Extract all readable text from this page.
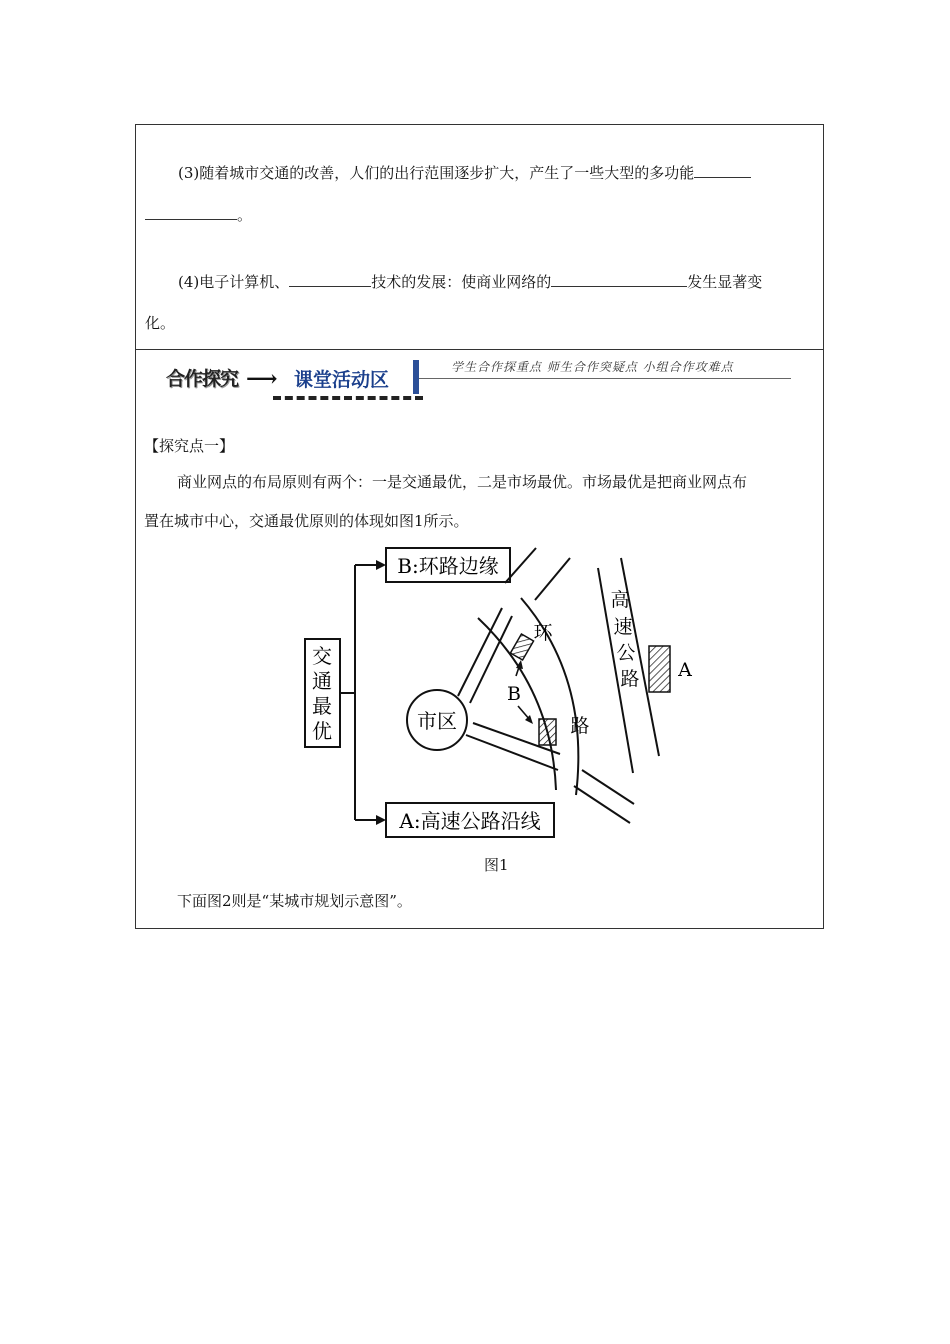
(3)随着城市交通的改善，人们的出行范围逐步扩大，产生了一些大型的多功能
。
(4)电子计算机、	技术的发展：使商业网络的	发生显著变
化。
合作探究 ⟶ 课堂活动区
学生合作探重点 师生合作突疑点 小组合作攻难点
【探究点一】
商业网点的布局原则有两个：一是交通最优，二是市场最优。市场最优是把商业网点布
置在城市中心，交通最优原则的体现如图1所示。
交
通
最
优
B:环路边缘
A:高速公路沿线
市区
B
A
环
路
高
速
公
路
图1
下面图2则是“某城市规划示意图”。
